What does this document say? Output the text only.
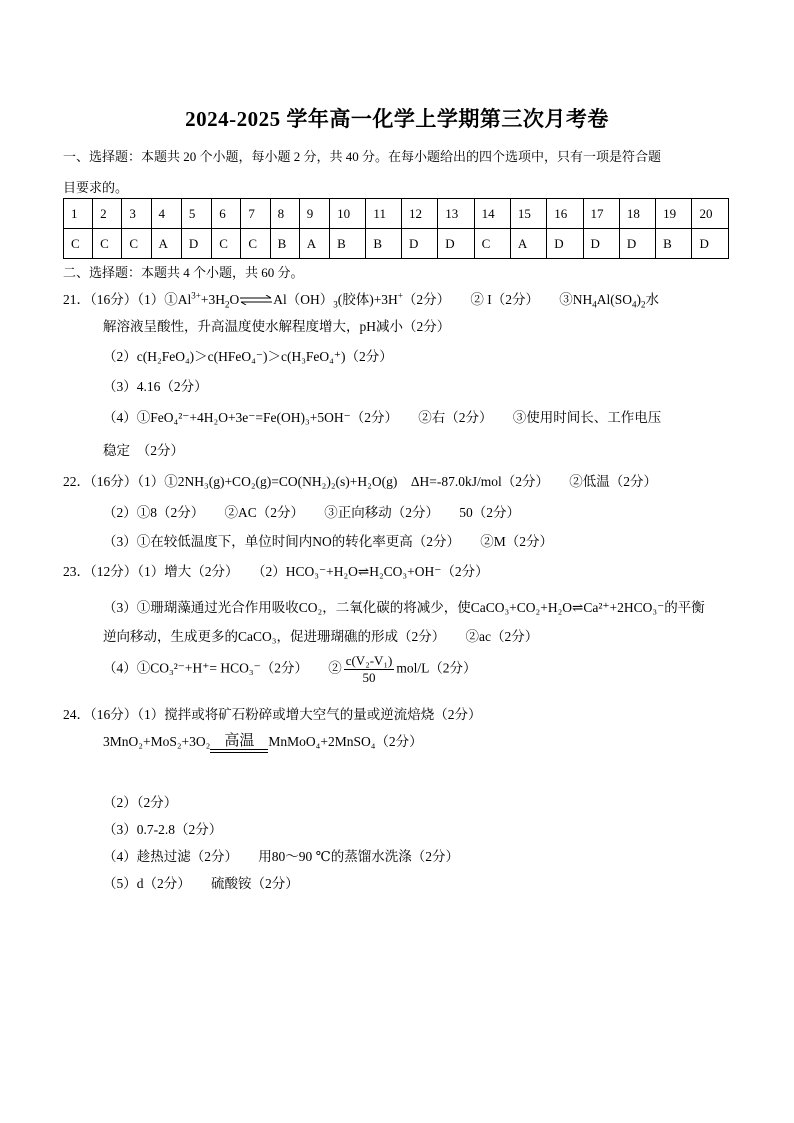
2024-2025 学年高一化学上学期第三次月考卷
一、选择题：本题共 20 个小题，每小题 2 分，共 40 分。在每小题给出的四个选项中，只有一项是符合题
目要求的。
1	2	3	4	5	6	7	8	9	10	11	12	13	14	15	16	17	18	19	20
C	C	C	A	D	C	C	B	A	B	B	D	D	C	A	D	D	D	B	D
二、选择题：本题共 4 个小题，共 60 分。
21．（16分）$(1)①Al^{3+}+3H_2O\rightleftharpoons Al(OH)_3$(胶体)+3H+（2分）　　② I（2分）　　$③NH_4Al(SO_4)_2$水
解溶液呈酸性，升高温度使水解程度增大，pH减小（2分）
（2）c(H₂FeO₄)＞c(HFeO₄⁻)＞c(H₃FeO₄⁺)（2分）
（3）4.16（2分）
（4）①FeO₄²⁻+4H₂O+3e⁻=Fe(OH)₃+5OH⁻（2分）　　②右（2分）　　③使用时间长、工作电压
稳定　（2分）
22．（16分）（1）①2NH₃(g)+CO₂(g)=CO(NH₂)₂(s)+H₂O(g)　ΔH=-87.0kJ/mol（2分）　　②低温（2分）
（2）①8（2分）　　②AC（2分）　　③正向移动（2分）　　50（2分）
（3）①在较低温度下，单位时间内NO的转化率更高（2分）　　②M（2分）
23．（12分）（1）增大（2分）　　（2）HCO₃⁻+H₂O⇌H₂CO₃+OH⁻（2分）
（3）①珊瑚藻通过光合作用吸收CO₂，二氧化碳的将减少，使CaCO₃+CO₂+H₂O⇌Ca²⁺+2HCO₃⁻的平衡
逆向移动，生成更多的CaCO₃，促进珊瑚礁的形成（2分）　　②ac（2分）
（4）①CO₃²⁻+H⁺= HCO₃⁻（2分）　　② $\frac{\text{c(V₂-V₁)}}{50} mol/L(2$分）
24．（16分）（1）搅拌或将矿石粉碎或增大空气的量或逆流焙烧（2分）
3MnO₂+MoS₂+3O₂ 高温	MnMoO₄+2MnSO₄（2分）
（2）（2分）
（3）0.7-2.8（2分）
（4）趁热过滤（2分）　　用80～90 ℃的蒸馏水洗涤（2分）
（5）d（2分）　　硫酸铵（2分）
